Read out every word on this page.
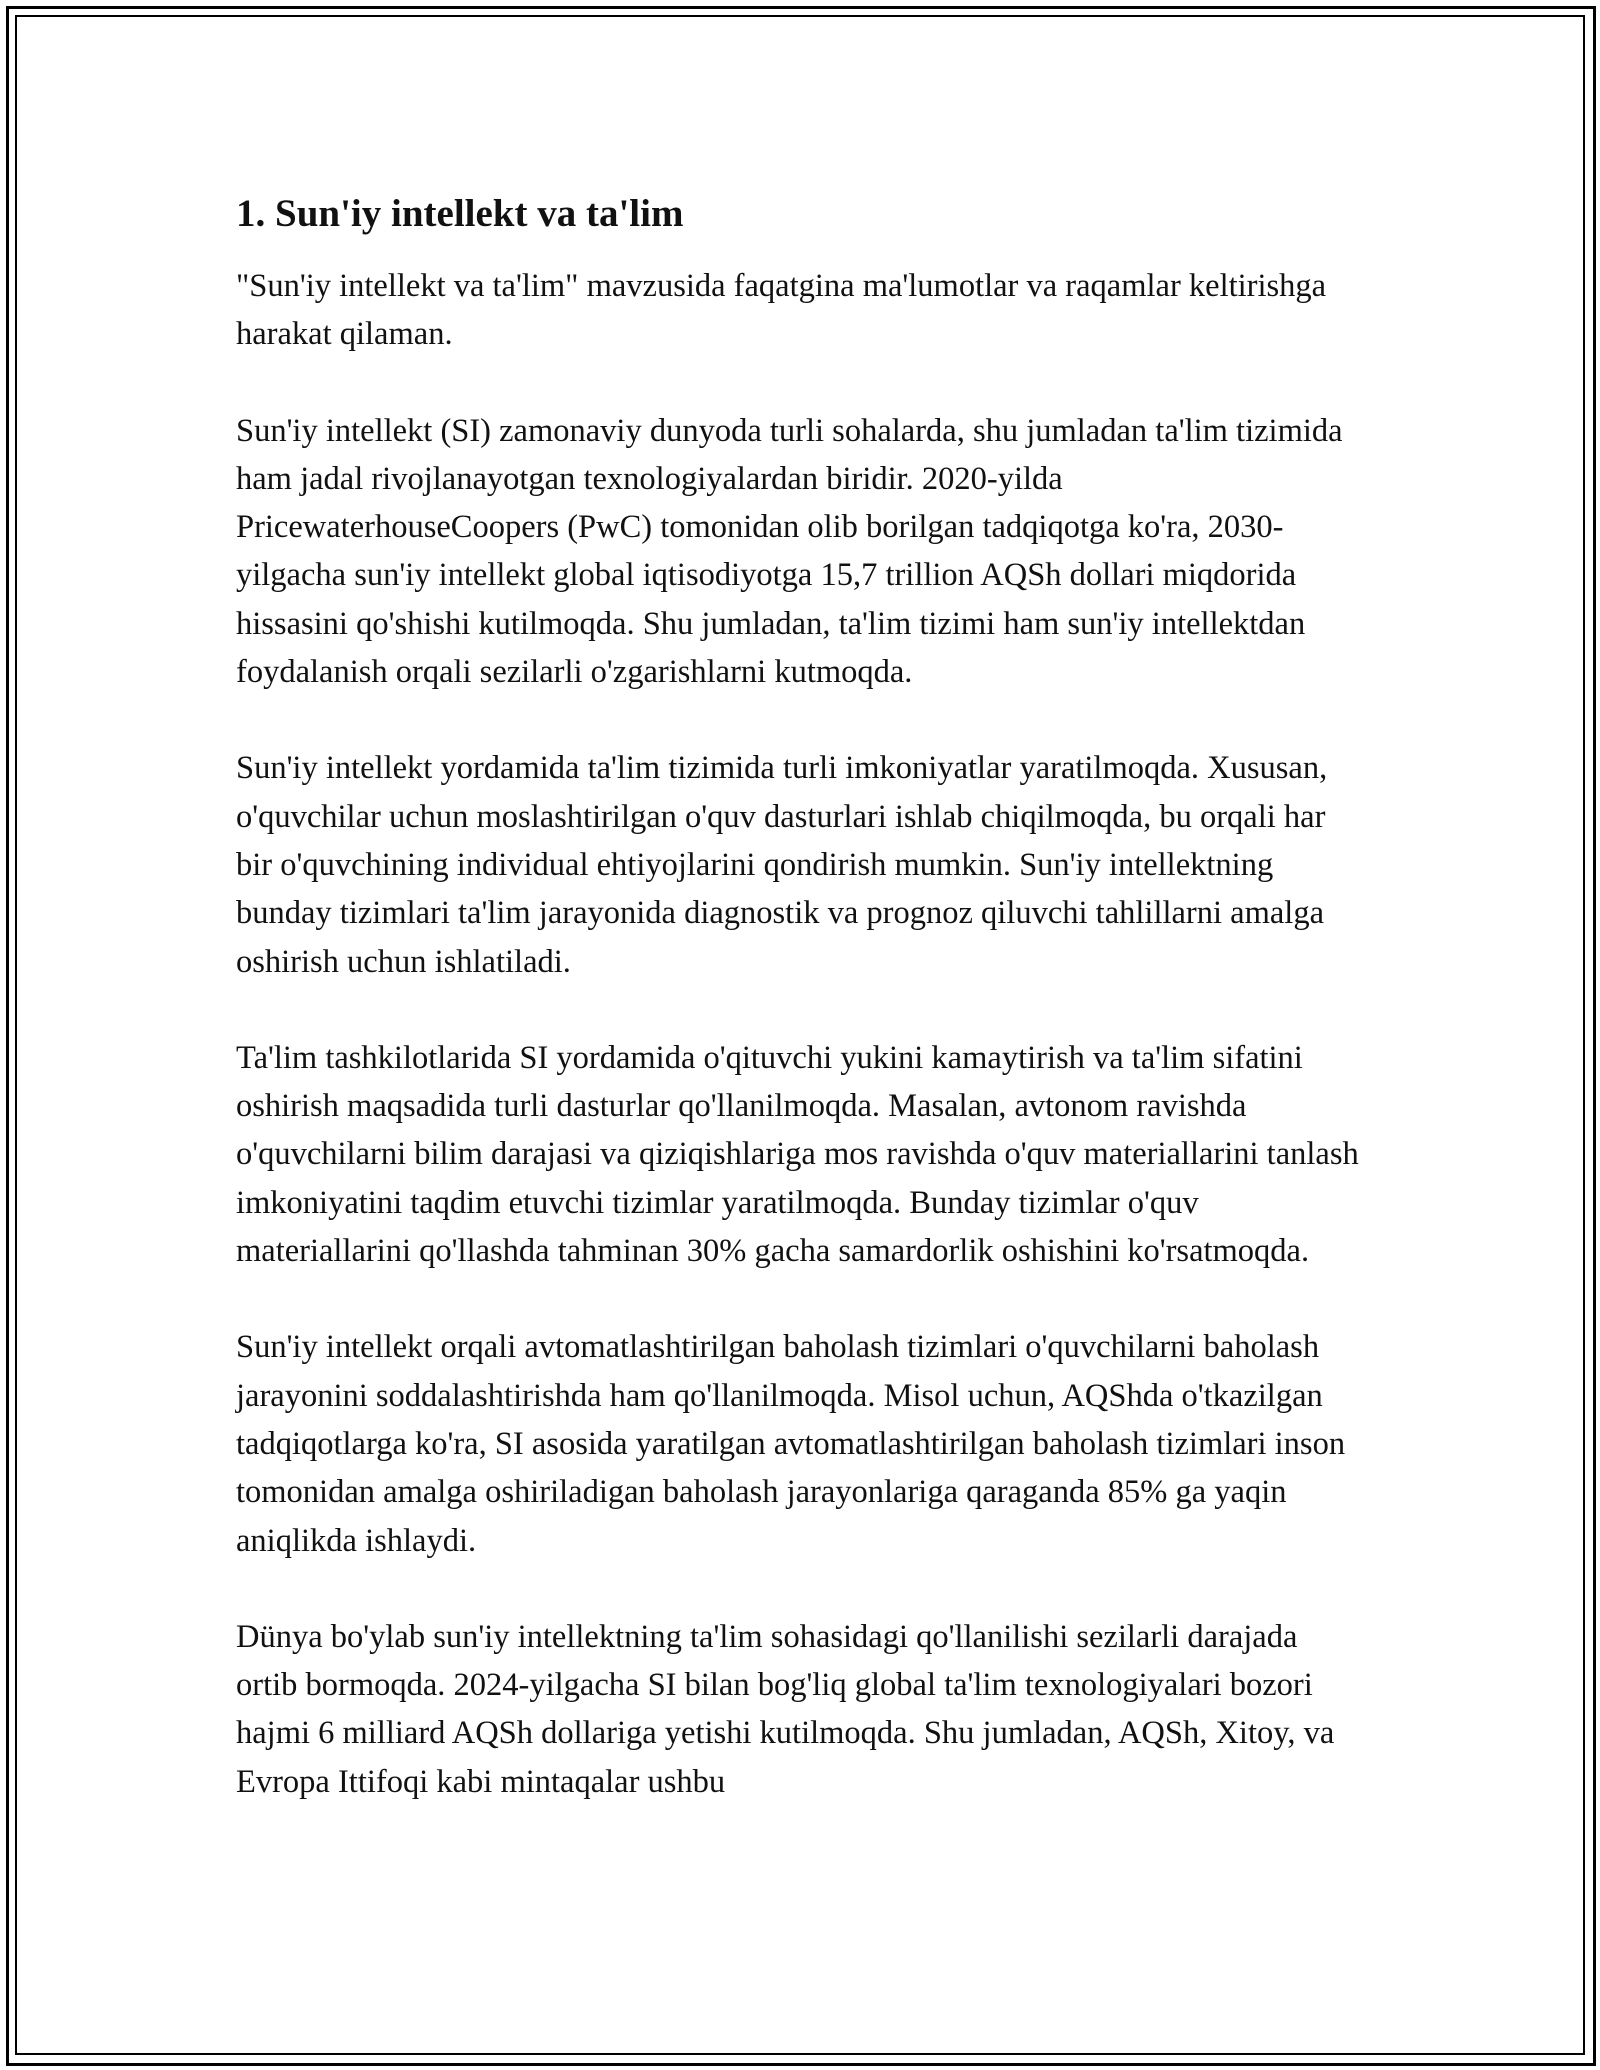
1. Sun'iy intellekt va ta'lim

"Sun'iy intellekt va ta'lim" mavzusida faqatgina ma'lumotlar va raqamlar keltirishga harakat qilaman.

Sun'iy intellekt (SI) zamonaviy dunyoda turli sohalarda, shu jumladan ta'lim tizimida ham jadal rivojlanayotgan texnologiyalardan biridir. 2020-yilda PricewaterhouseCoopers (PwC) tomonidan olib borilgan tadqiqotga ko'ra, 2030-yilgacha sun'iy intellekt global iqtisodiyotga 15,7 trillion AQSh dollari miqdorida hissasini qo'shishi kutilmoqda. Shu jumladan, ta'lim tizimi ham sun'iy intellektdan foydalanish orqali sezilarli o'zgarishlarni kutmoqda.

Sun'iy intellekt yordamida ta'lim tizimida turli imkoniyatlar yaratilmoqda. Xususan, o'quvchilar uchun moslashtirilgan o'quv dasturlari ishlab chiqilmoqda, bu orqali har bir o'quvchining individual ehtiyojlarini qondirish mumkin. Sun'iy intellektning bunday tizimlari ta'lim jarayonida diagnostik va prognoz qiluvchi tahlillarni amalga oshirish uchun ishlatiladi.

Ta'lim tashkilotlarida SI yordamida o'qituvchi yukini kamaytirish va ta'lim sifatini oshirish maqsadida turli dasturlar qo'llanilmoqda. Masalan, avtonom ravishda o'quvchilarni bilim darajasi va qiziqishlariga mos ravishda o'quv materiallarini tanlash imkoniyatini taqdim etuvchi tizimlar yaratilmoqda. Bunday tizimlar o'quv materiallarini qo'llashda tahminan 30% gacha samardorlik oshishini ko'rsatmoqda.

Sun'iy intellekt orqali avtomatlashtirilgan baholash tizimlari o'quvchilarni baholash jarayonini soddalashtirishda ham qo'llanilmoqda. Misol uchun, AQShda o'tkazilgan tadqiqotlarga ko'ra, SI asosida yaratilgan avtomatlashtirilgan baholash tizimlari inson tomonidan amalga oshiriladigan baholash jarayonlariga qaraganda 85% ga yaqin aniqlikda ishlaydi.

Dünya bo'ylab sun'iy intellektning ta'lim sohasidagi qo'llanilishi sezilarli darajada ortib bormoqda. 2024-yilgacha SI bilan bog'liq global ta'lim texnologiyalari bozori hajmi 6 milliard AQSh dollariga yetishi kutilmoqda. Shu jumladan, AQSh, Xitoy, va Evropa Ittifoqi kabi mintaqalar ushbu
